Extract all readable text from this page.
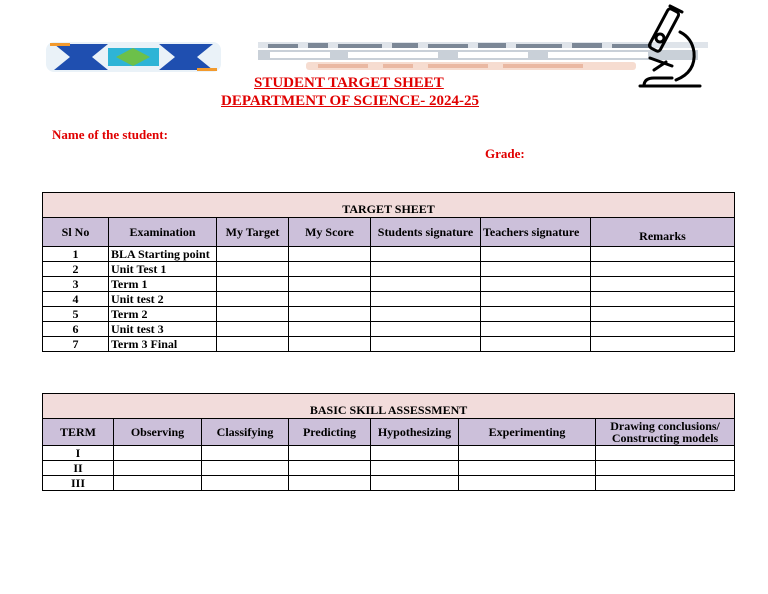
STUDENT TARGET SHEET
DEPARTMENT OF SCIENCE- 2024-25
Name of the student:
Grade:
TARGET SHEET						
Sl No	Examination	My Target	My Score	Students signature	Teachers signature	Remarks
1	BLA Starting point					
2	Unit Test 1					
3	Term 1					
4	Unit test 2					
5	Term 2					
6	Unit test 3					
7	Term 3 Final					
BASIC SKILL ASSESSMENT						
TERM	Observing	Classifying	Predicting	Hypothesizing	Experimenting	Drawing conclusions/ Constructing models
I						
II						
III						
